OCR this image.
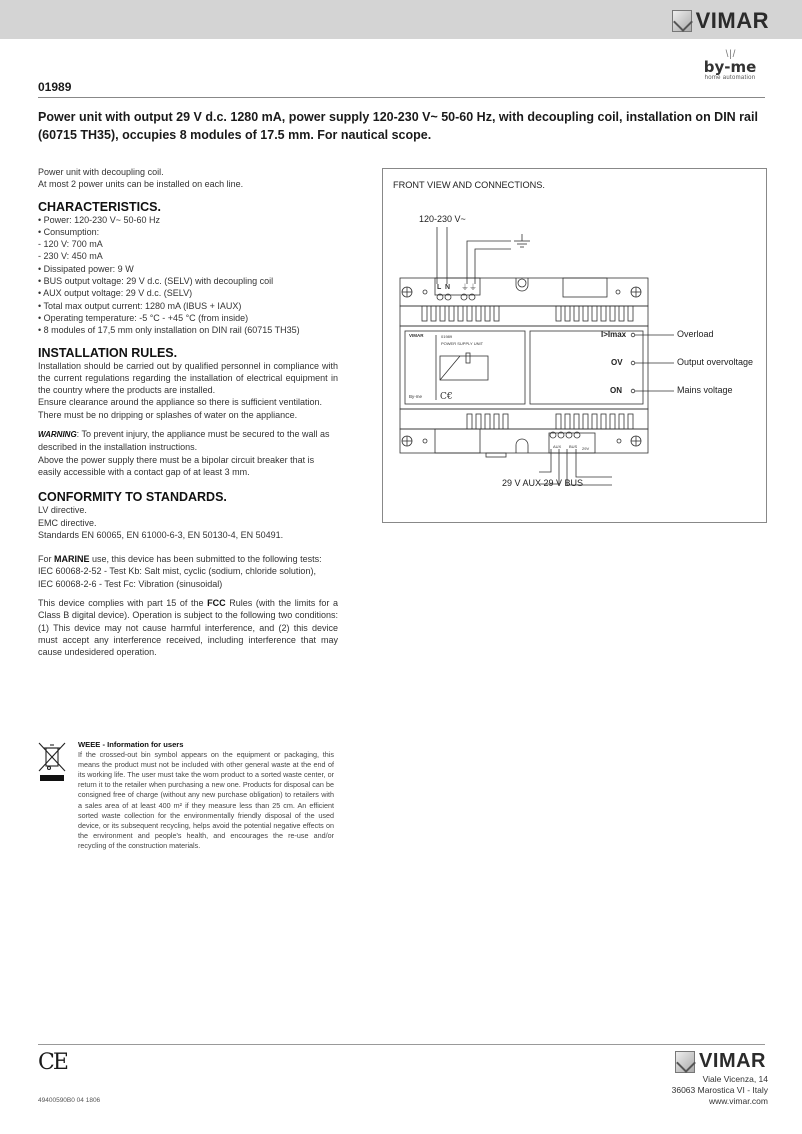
VIMAR
01989
\ | /
by-me
home automation
Power unit with output 29 V d.c. 1280 mA, power supply 120-230 V~ 50-60 Hz, with decoupling coil, installation on DIN rail (60715 TH35), occupies 8 modules of 17.5 mm. For nautical scope.

Power unit with decoupling coil.

At most 2 power units can be installed on each line.

CHARACTERISTICS.

• Power: 120-230 V~ 50-60 Hz

• Consumption:

- 120 V: 700 mA

- 230 V: 450 mA

• Dissipated power: 9 W

• BUS output voltage: 29 V d.c. (SELV) with decoupling coil

• AUX output voltage: 29 V d.c. (SELV)

• Total max output current: 1280 mA (IBUS + IAUX)

• Operating temperature: -5 °C - +45 °C (from inside)

• 8 modules of 17,5 mm only installation on DIN rail (60715 TH35)

INSTALLATION RULES.

Installation should be carried out by qualified personnel in compliance with the current regulations regarding the installation of electrical equipment in the country where the products are installed.

Ensure clearance around the appliance so there is sufficient ventilation.

There must be no dripping or splashes of water on the appliance.

WARNING: To prevent injury, the appliance must be secured to the wall as described in the installation instructions.

Above the power supply there must be a bipolar circuit breaker that is easily accessible with a contact gap of at least 3 mm.

CONFORMITY TO STANDARDS.

LV directive.

EMC directive.

Standards EN 60065, EN 61000-6-3, EN 50130-4, EN 50491.

For MARINE use, this device has been submitted to the following tests:

IEC 60068-2-52 - Test Kb: Salt mist, cyclic (sodium, chloride solution),

IEC 60068-2-6 - Test Fc: Vibration (sinusoidal)

This device complies with part 15 of the FCC Rules (with the limits for a Class B digital device). Operation is subject to the following two conditions: (1) This device may not cause harmful interference, and (2) this device must accept any interference received, including interference that may cause undesidered operation.

WEEE - Information for users
If the crossed-out bin symbol appears on the equipment or packaging, this means the product must not be included with other general waste at the end of its working life. The user must take the worn product to a sorted waste center, or return it to the retailer when purchasing a new one. Products for disposal can be consigned free of charge (without any new purchase obligation) to retailers with a sales area of at least 400 m² if they measure less than 25 cm. An efficient sorted waste collection for the environmentally friendly disposal of the used device, or its subsequent recycling, helps avoid the potential negative effects on the environment and people's health, and encourages the re-use and/or recycling of the construction materials.
FRONT VIEW AND CONNECTIONS.
120-230 V~
VIMAR	01989
POWER SUPPLY UNIT
By-me C€
L N ⏚⏚
AUX BUS 29V
I>Imax
OV
ON
Overload
Output overvoltage
Mains voltage
29 V AUX 29 V BUS
CE
49400590B0 04 1806
VIMAR
Viale Vicenza, 14
36063 Marostica VI - Italy
www.vimar.com
